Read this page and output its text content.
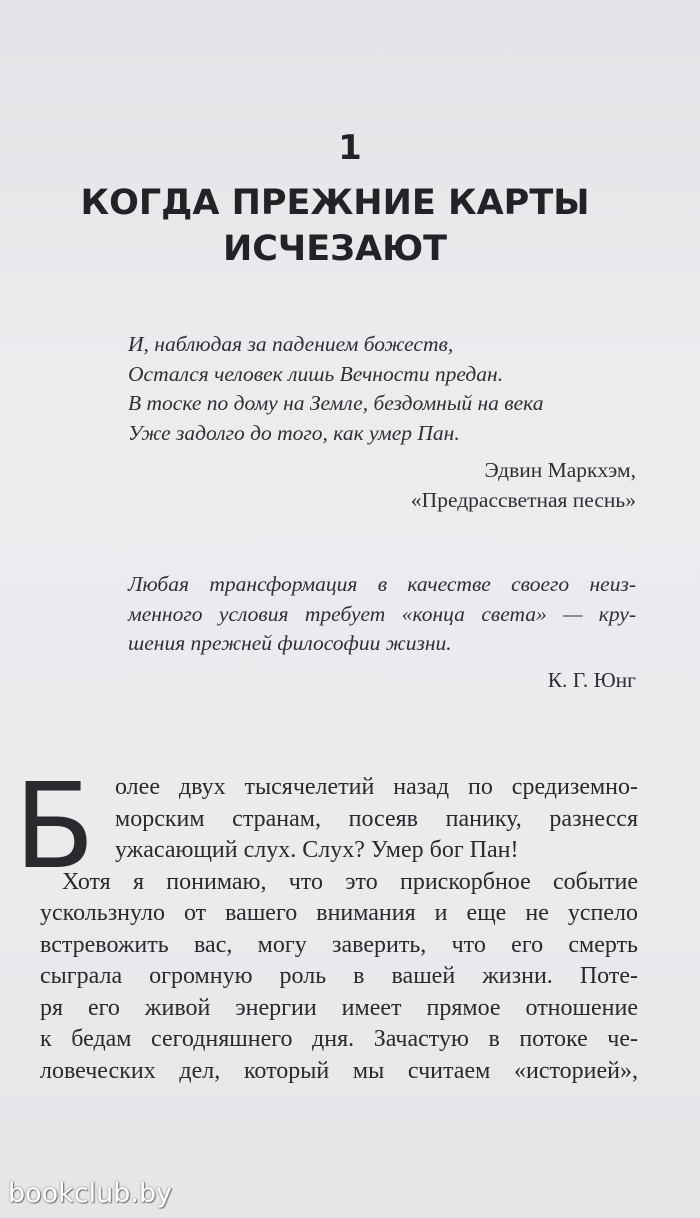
1
КОГДА ПРЕЖНИЕ КАРТЫ
ИСЧЕЗАЮТ
И, наблюдая за падением божеств,
Остался человек лишь Вечности предан.
В тоске по дому на Земле, бездомный на века
Уже задолго до того, как умер Пан.
Эдвин Маркхэм,
«Предрассветная песнь»
Любая трансформация в качестве своего неиз-
менного условия требует «конца света» — кру-
шения прежней философии жизни.
К. Г. Юнг
Б олее двух тысячелетий назад по средиземно-
морским странам, посеяв панику, разнесся
ужасающий слух. Слух? Умер бог Пан!
Хотя я понимаю, что это прискорбное событие
ускользнуло от вашего внимания и еще не успело
встревожить вас, могу заверить, что его смерть
сыграла огромную роль в вашей жизни. Поте-
ря его живой энергии имеет прямое отношение
к бедам сегодняшнего дня. Зачастую в потоке че-
ловеческих дел, который мы считаем «историей»,
bookclub.by
